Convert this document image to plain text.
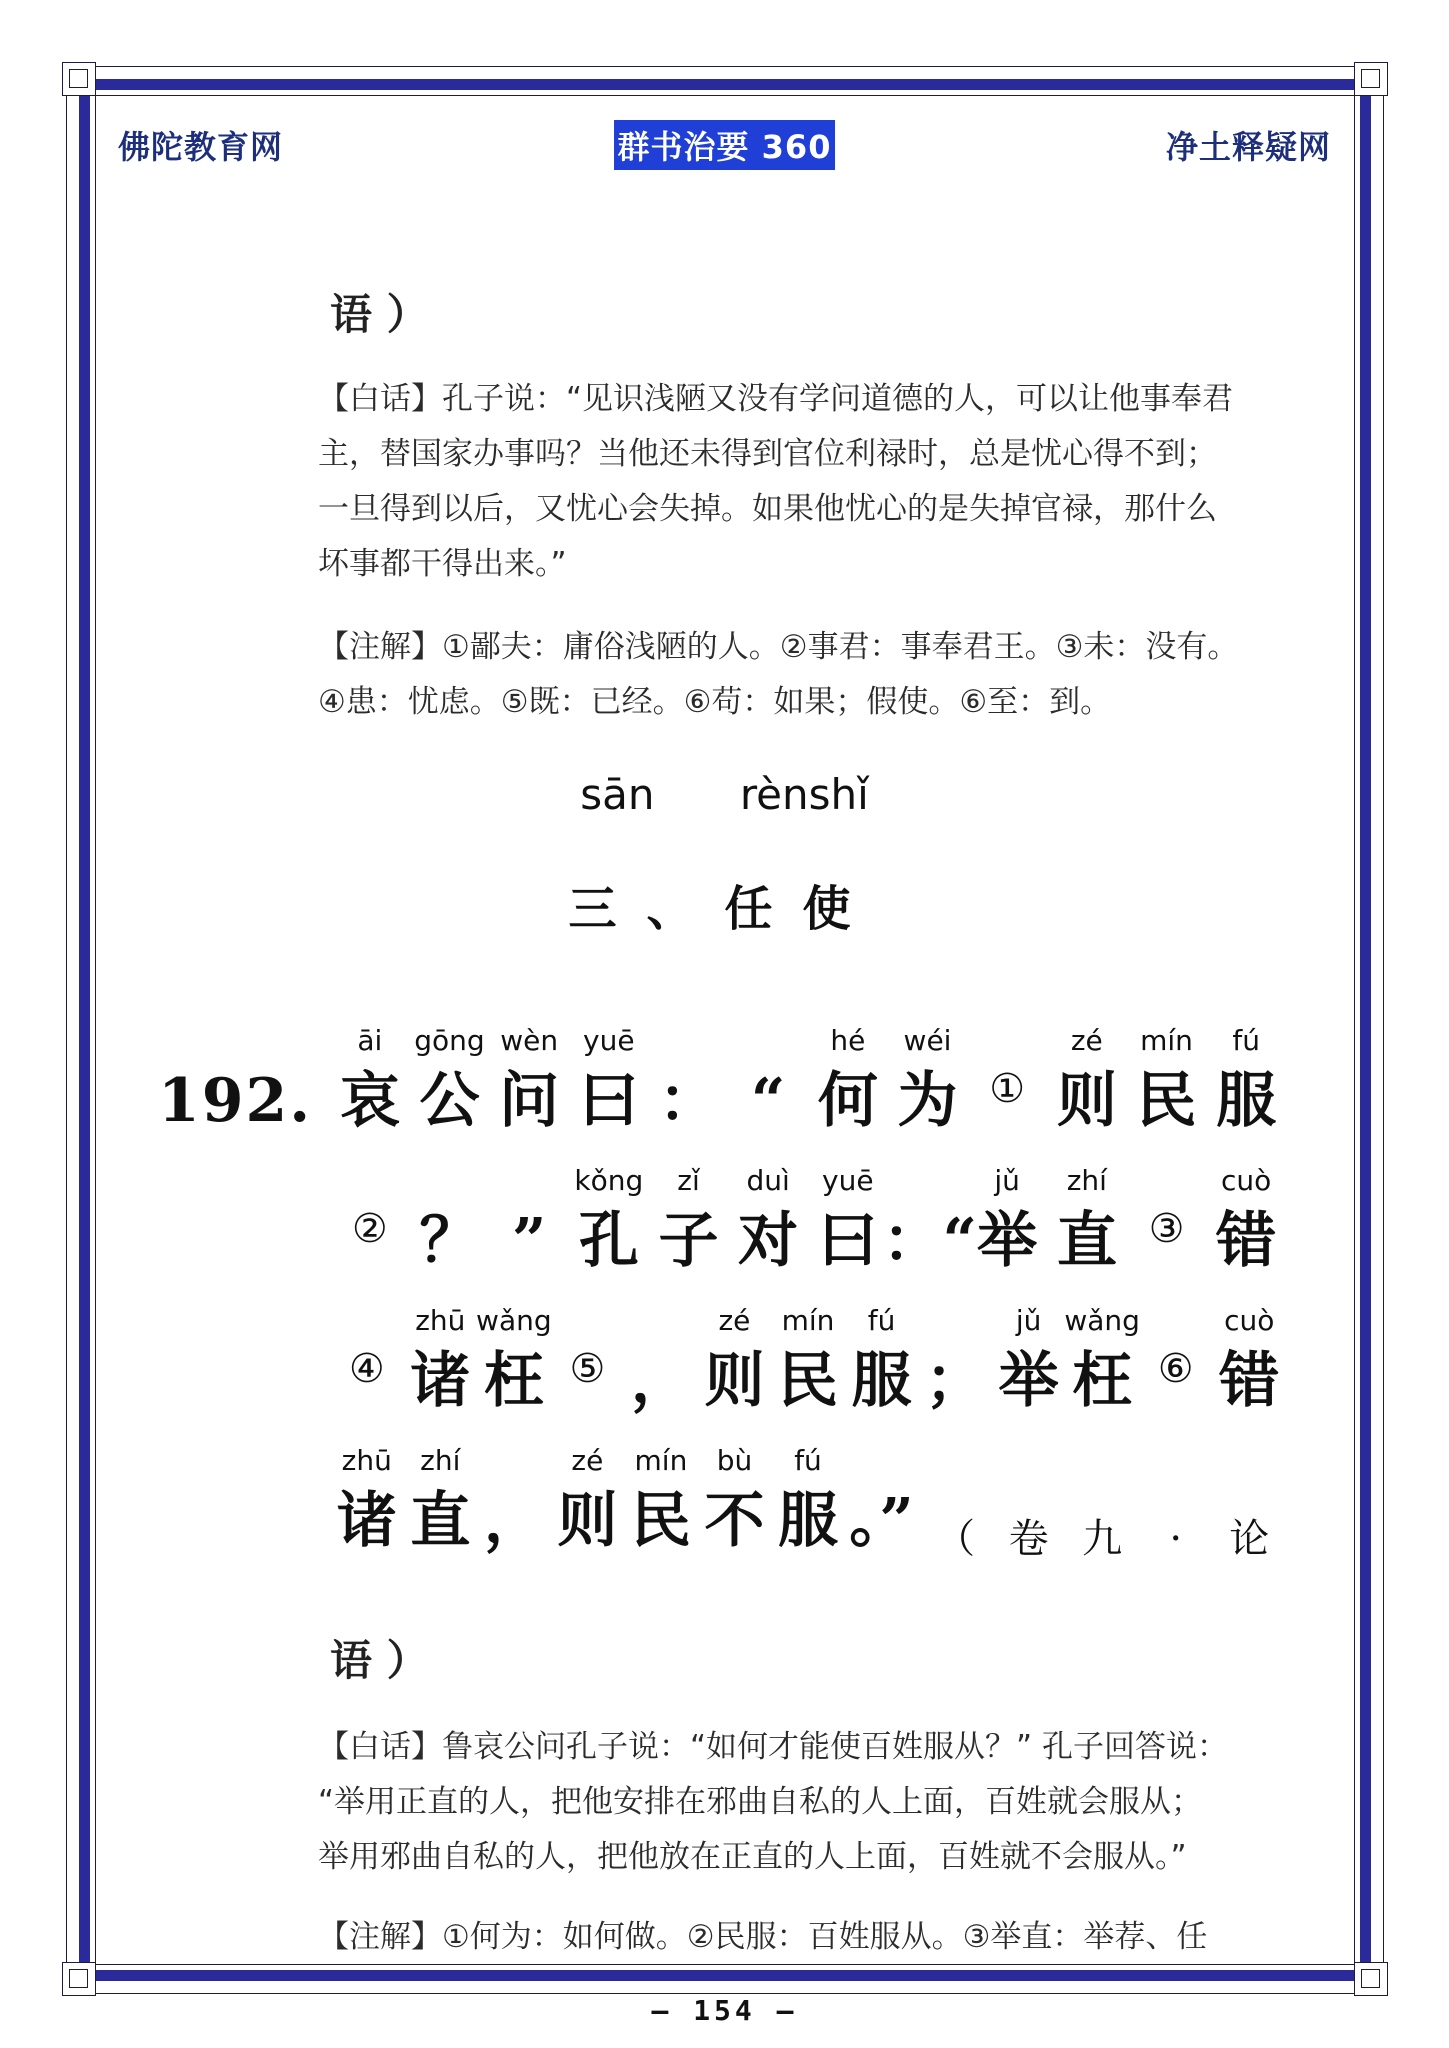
佛陀教育网	群书治要 360	净土释疑网
语 ）

【白话】孔子说：“见识浅陋又没有学问道德的人，可以让他事奉君

主，替国家办事吗？当他还未得到官位利禄时，总是忧心得不到；

一旦得到以后，又忧心会失掉。如果他忧心的是失掉官禄，那什么

坏事都干得出来。”

【注解】①鄙夫：庸俗浅陋的人。②事君：事奉君王。③未：没有。

④患：忧虑。⑤既：已经。⑥苟：如果；假使。⑥至：到。

sān rènshǐ
三、任使
192.
āi
哀
gōng
公
wèn
问
yuē
曰 ： “
hé
何
wéi
为 ①
zé
则
mín
民
fú
服
② ？ ”
kǒng
孔
zǐ
子
duì
对
yuē
曰 ：“
jǔ
举
zhí
直 ③
cuò
错
④
zhū
诸
wǎng
枉 ⑤ ，
zé
则
mín
民
fú
服 ；
jǔ
举
wǎng
枉 ⑥
cuò
错
zhū
诸
zhí
直 ，
zé
则
mín
民
bù
不
fú
服 。” （ 卷 九	·	论
语 ）

【白话】鲁哀公问孔子说：“如何才能使百姓服从？” 孔子回答说：

“举用正直的人，把他安排在邪曲自私的人上面，百姓就会服从；

举用邪曲自私的人，把他放在正直的人上面，百姓就不会服从。”

【注解】①何为：如何做。②民服：百姓服从。③举直：举荐、任

— 154 —
